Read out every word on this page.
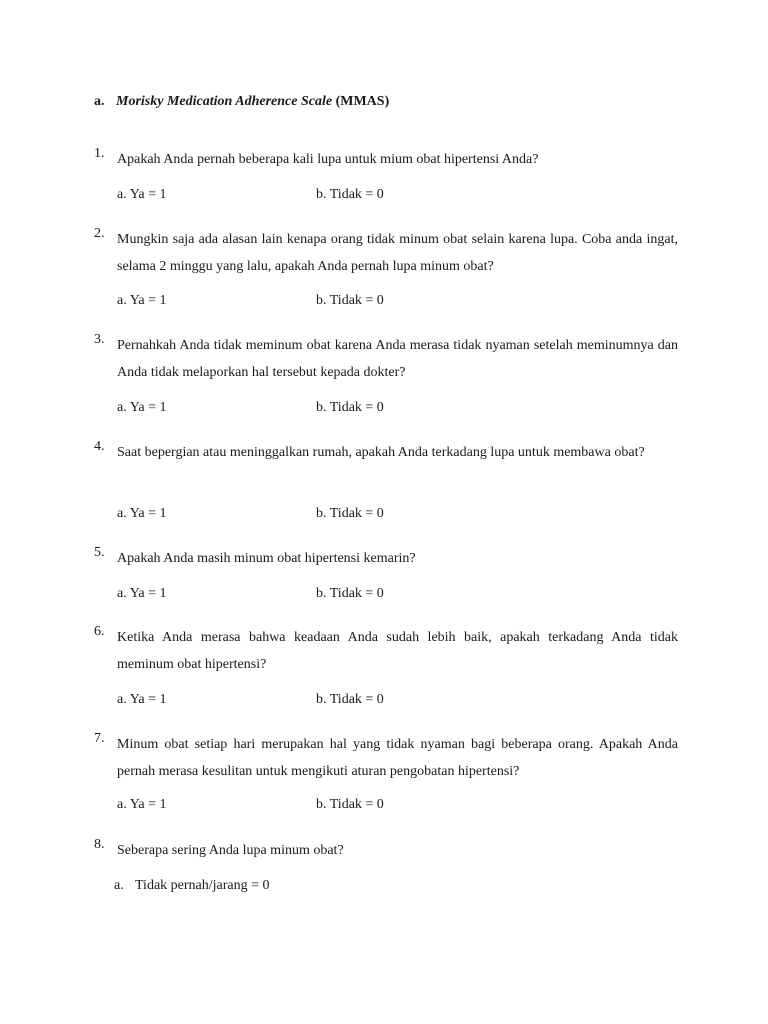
a. Morisky Medication Adherence Scale (MMAS)
1. Apakah Anda pernah beberapa kali lupa untuk mium obat hipertensi Anda?
a. Ya = 1	b. Tidak = 0
2. Mungkin saja ada alasan lain kenapa orang tidak minum obat selain karena lupa. Coba anda ingat, selama 2 minggu yang lalu, apakah Anda pernah lupa minum obat?
a. Ya = 1	b. Tidak = 0
3. Pernahkah Anda tidak meminum obat karena Anda merasa tidak nyaman setelah meminumnya dan Anda tidak melaporkan hal tersebut kepada dokter?
a. Ya = 1	b. Tidak = 0
4. Saat bepergian atau meninggalkan rumah, apakah Anda terkadang lupa untuk membawa obat?
a. Ya = 1	b. Tidak = 0
5. Apakah Anda masih minum obat hipertensi kemarin?
a. Ya = 1	b. Tidak = 0
6. Ketika Anda merasa bahwa keadaan Anda sudah lebih baik, apakah terkadang Anda tidak meminum obat hipertensi?
a. Ya = 1	b. Tidak = 0
7. Minum obat setiap hari merupakan hal yang tidak nyaman bagi beberapa orang. Apakah Anda pernah merasa kesulitan untuk mengikuti aturan pengobatan hipertensi?
a. Ya = 1	b. Tidak = 0
8. Seberapa sering Anda lupa minum obat?
a. Tidak pernah/jarang = 0
